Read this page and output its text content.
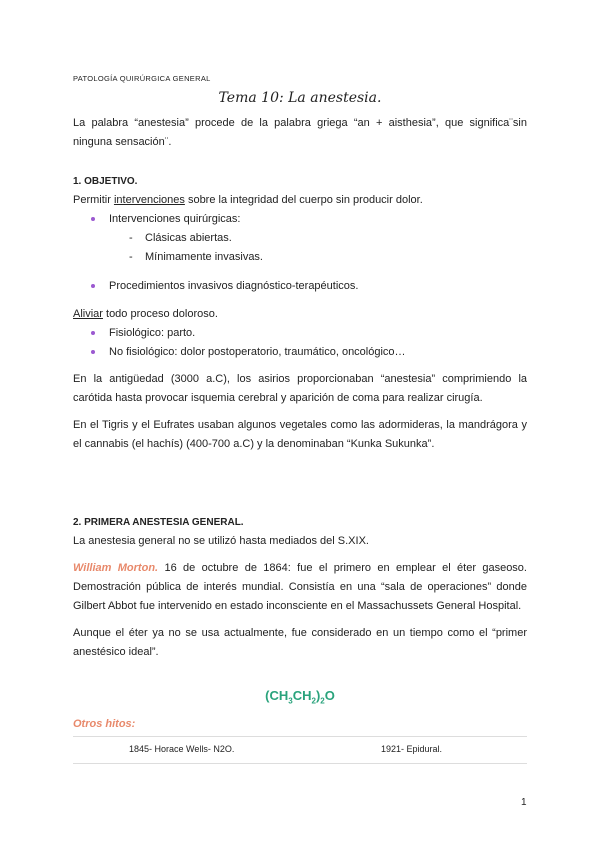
PATOLOGÍA QUIRÚRGICA GENERAL
Tema 10: La anestesia.

La palabra “anestesia” procede de la palabra griega “an + aisthesia”, que significa¨sin ninguna sensación¨.

1. OBJETIVO.

Permitir intervenciones sobre la integridad del cuerpo sin producir dolor.

Intervenciones quirúrgicas:
- Clásicas abiertas.
- Mínimamente invasivas.
Procedimientos invasivos diagnóstico-terapéuticos.

Aliviar todo proceso doloroso.

Fisiológico: parto.
No fisiológico: dolor postoperatorio, traumático, oncológico…

En la antigüedad (3000 a.C), los asirios proporcionaban “anestesia” comprimiendo la carótida hasta provocar isquemia cerebral y aparición de coma para realizar cirugía.

En el Tigris y el Eufrates usaban algunos vegetales como las adormideras, la mandrágora y el cannabis (el hachís) (400-700 a.C) y la denominaban “Kunka Sukunka”.

2. PRIMERA ANESTESIA GENERAL.

La anestesia general no se utilizó hasta mediados del S.XIX.

William Morton. 16 de octubre de 1864: fue el primero en emplear el éter gaseoso. Demostración pública de interés mundial. Consistía en una “sala de operaciones” donde Gilbert Abbot fue intervenido en estado inconsciente en el Massachussets General Hospital.

Aunque el éter ya no se usa actualmente, fue considerado en un tiempo como el “primer anestésico ideal”.

$(CH_3CH_2)_2O$
Otros hitos:
1845- Horace Wells- N2O.	1921- Epidural.
1
